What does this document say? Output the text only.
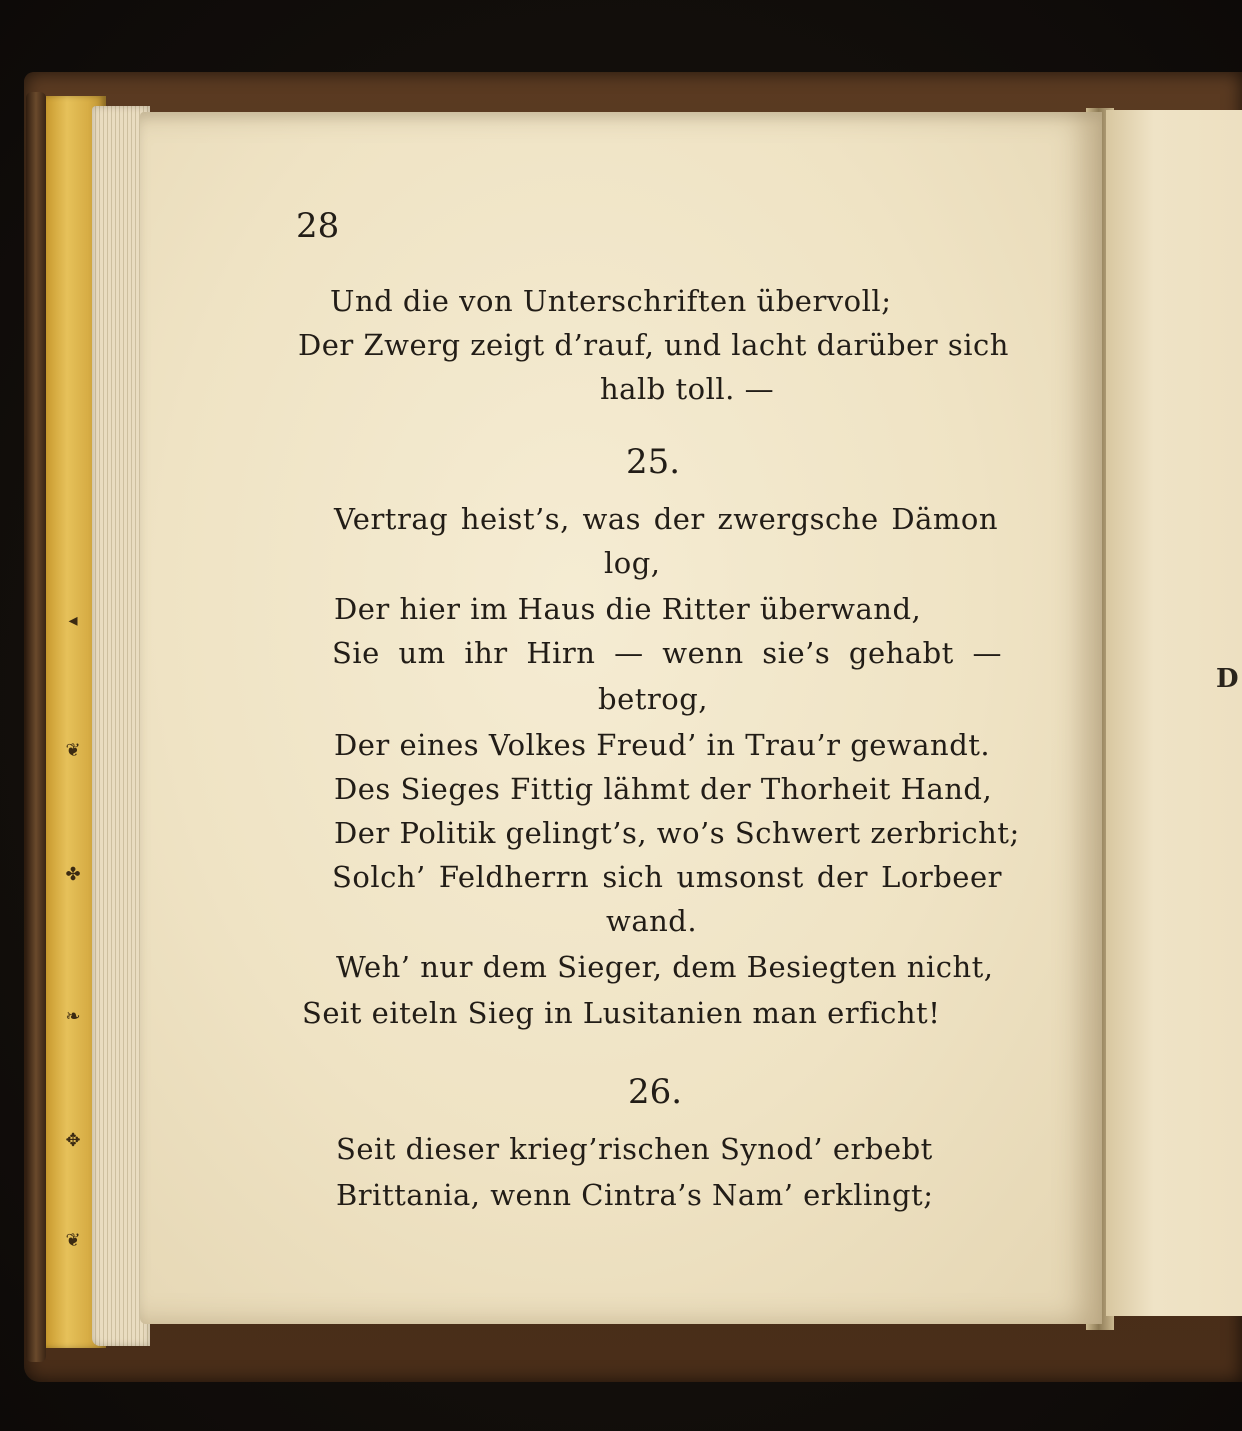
◂
❦
✤
❧
✥
❦
D
28
Und die von Unterschriften übervoll;
Der Zwerg zeigt d’rauf, und lacht darüber sich
halb toll. —
25.
Vertrag heist’s, was der zwergsche Dämon
log,
Der hier im Haus die Ritter überwand,
Sie um ihr Hirn — wenn sie’s gehabt —
betrog,
Der eines Volkes Freud’ in Trau’r gewandt.
Des Sieges Fittig lähmt der Thorheit Hand,
Der Politik gelingt’s, wo’s Schwert zerbricht;
Solch’ Feldherrn sich umsonst der Lorbeer
wand.
Weh’ nur dem Sieger, dem Besiegten nicht,
Seit eiteln Sieg in Lusitanien man erficht!
26.
Seit dieser krieg’rischen Synod’ erbebt
Brittania, wenn Cintra’s Nam’ erklingt;
